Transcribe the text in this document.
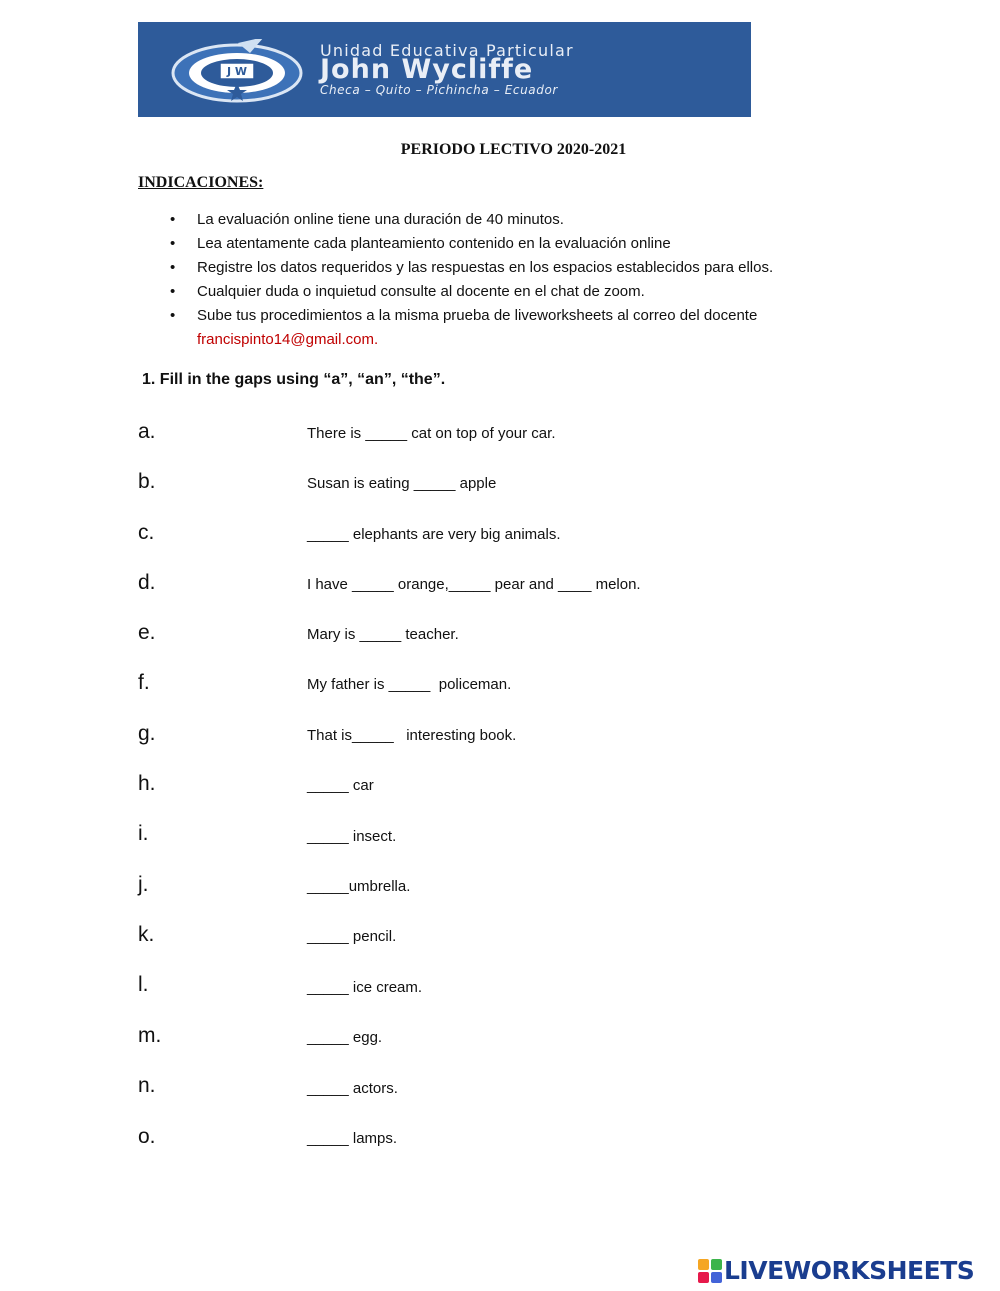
J W
Unidad Educativa Particular
John Wycliffe
Checa – Quito – Pichincha – Ecuador
PERIODO LECTIVO 2020-2021
INDICACIONES:
• La evaluación online tiene una duración de 40 minutos.
• Lea atentamente cada planteamiento contenido en la evaluación online
• Registre los datos requeridos y las respuestas en los espacios establecidos para ellos.
• Cualquier duda o inquietud consulte al docente en el chat de zoom.
• Sube tus procedimientos a la misma prueba de liveworksheets al correo del docente
francispinto14@gmail.com.
1. Fill in the gaps using “a”, “an”, “the”.
a.	There is _____ cat on top of your car.
b.	Susan is eating _____ apple
c.	_____ elephants are very big animals.
d.	I have _____ orange,_____ pear and ____ melon.
e.	Mary is _____ teacher.
f.	My father is _____  policeman.
g.	That is_____   interesting book.
h.	_____ car
i.	_____ insect.
j.	_____umbrella.
k.	_____ pencil.
l.	_____ ice cream.
m.	_____ egg.
n.	_____ actors.
o.	_____ lamps.
LIVEWORKSHEETS
